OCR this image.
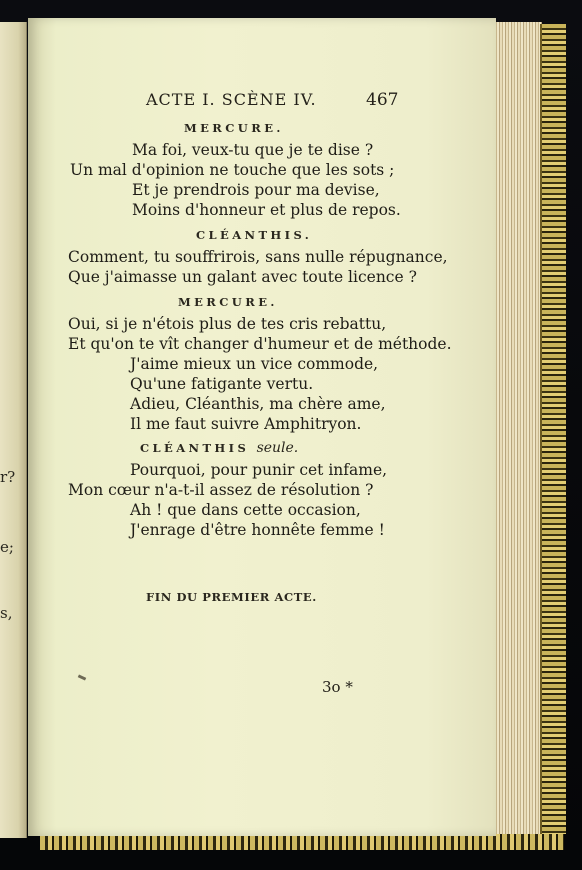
r?
e;
s,
ACTE I. SCÈNE IV.	467
MERCURE.
Ma foi, veux-tu que je te dise ?
Un mal d'opinion ne touche que les sots ;
Et je prendrois pour ma devise,
Moins d'honneur et plus de repos.
CLÉANTHIS.
Comment, tu souffrirois, sans nulle répugnance,
Que j'aimasse un galant avec toute licence ?
MERCURE.
Oui, si je n'étois plus de tes cris rebattu,
Et qu'on te vît changer d'humeur et de méthode.
J'aime mieux un vice commode,
Qu'une fatigante vertu.
Adieu, Cléanthis, ma chère ame,
Il me faut suivre Amphitryon.
CLÉANTHIS seule.
Pourquoi, pour punir cet infame,
Mon cœur n'a-t-il assez de résolution ?
Ah ! que dans cette occasion,
J'enrage d'être honnête femme !
FIN DU PREMIER ACTE.
3o *
